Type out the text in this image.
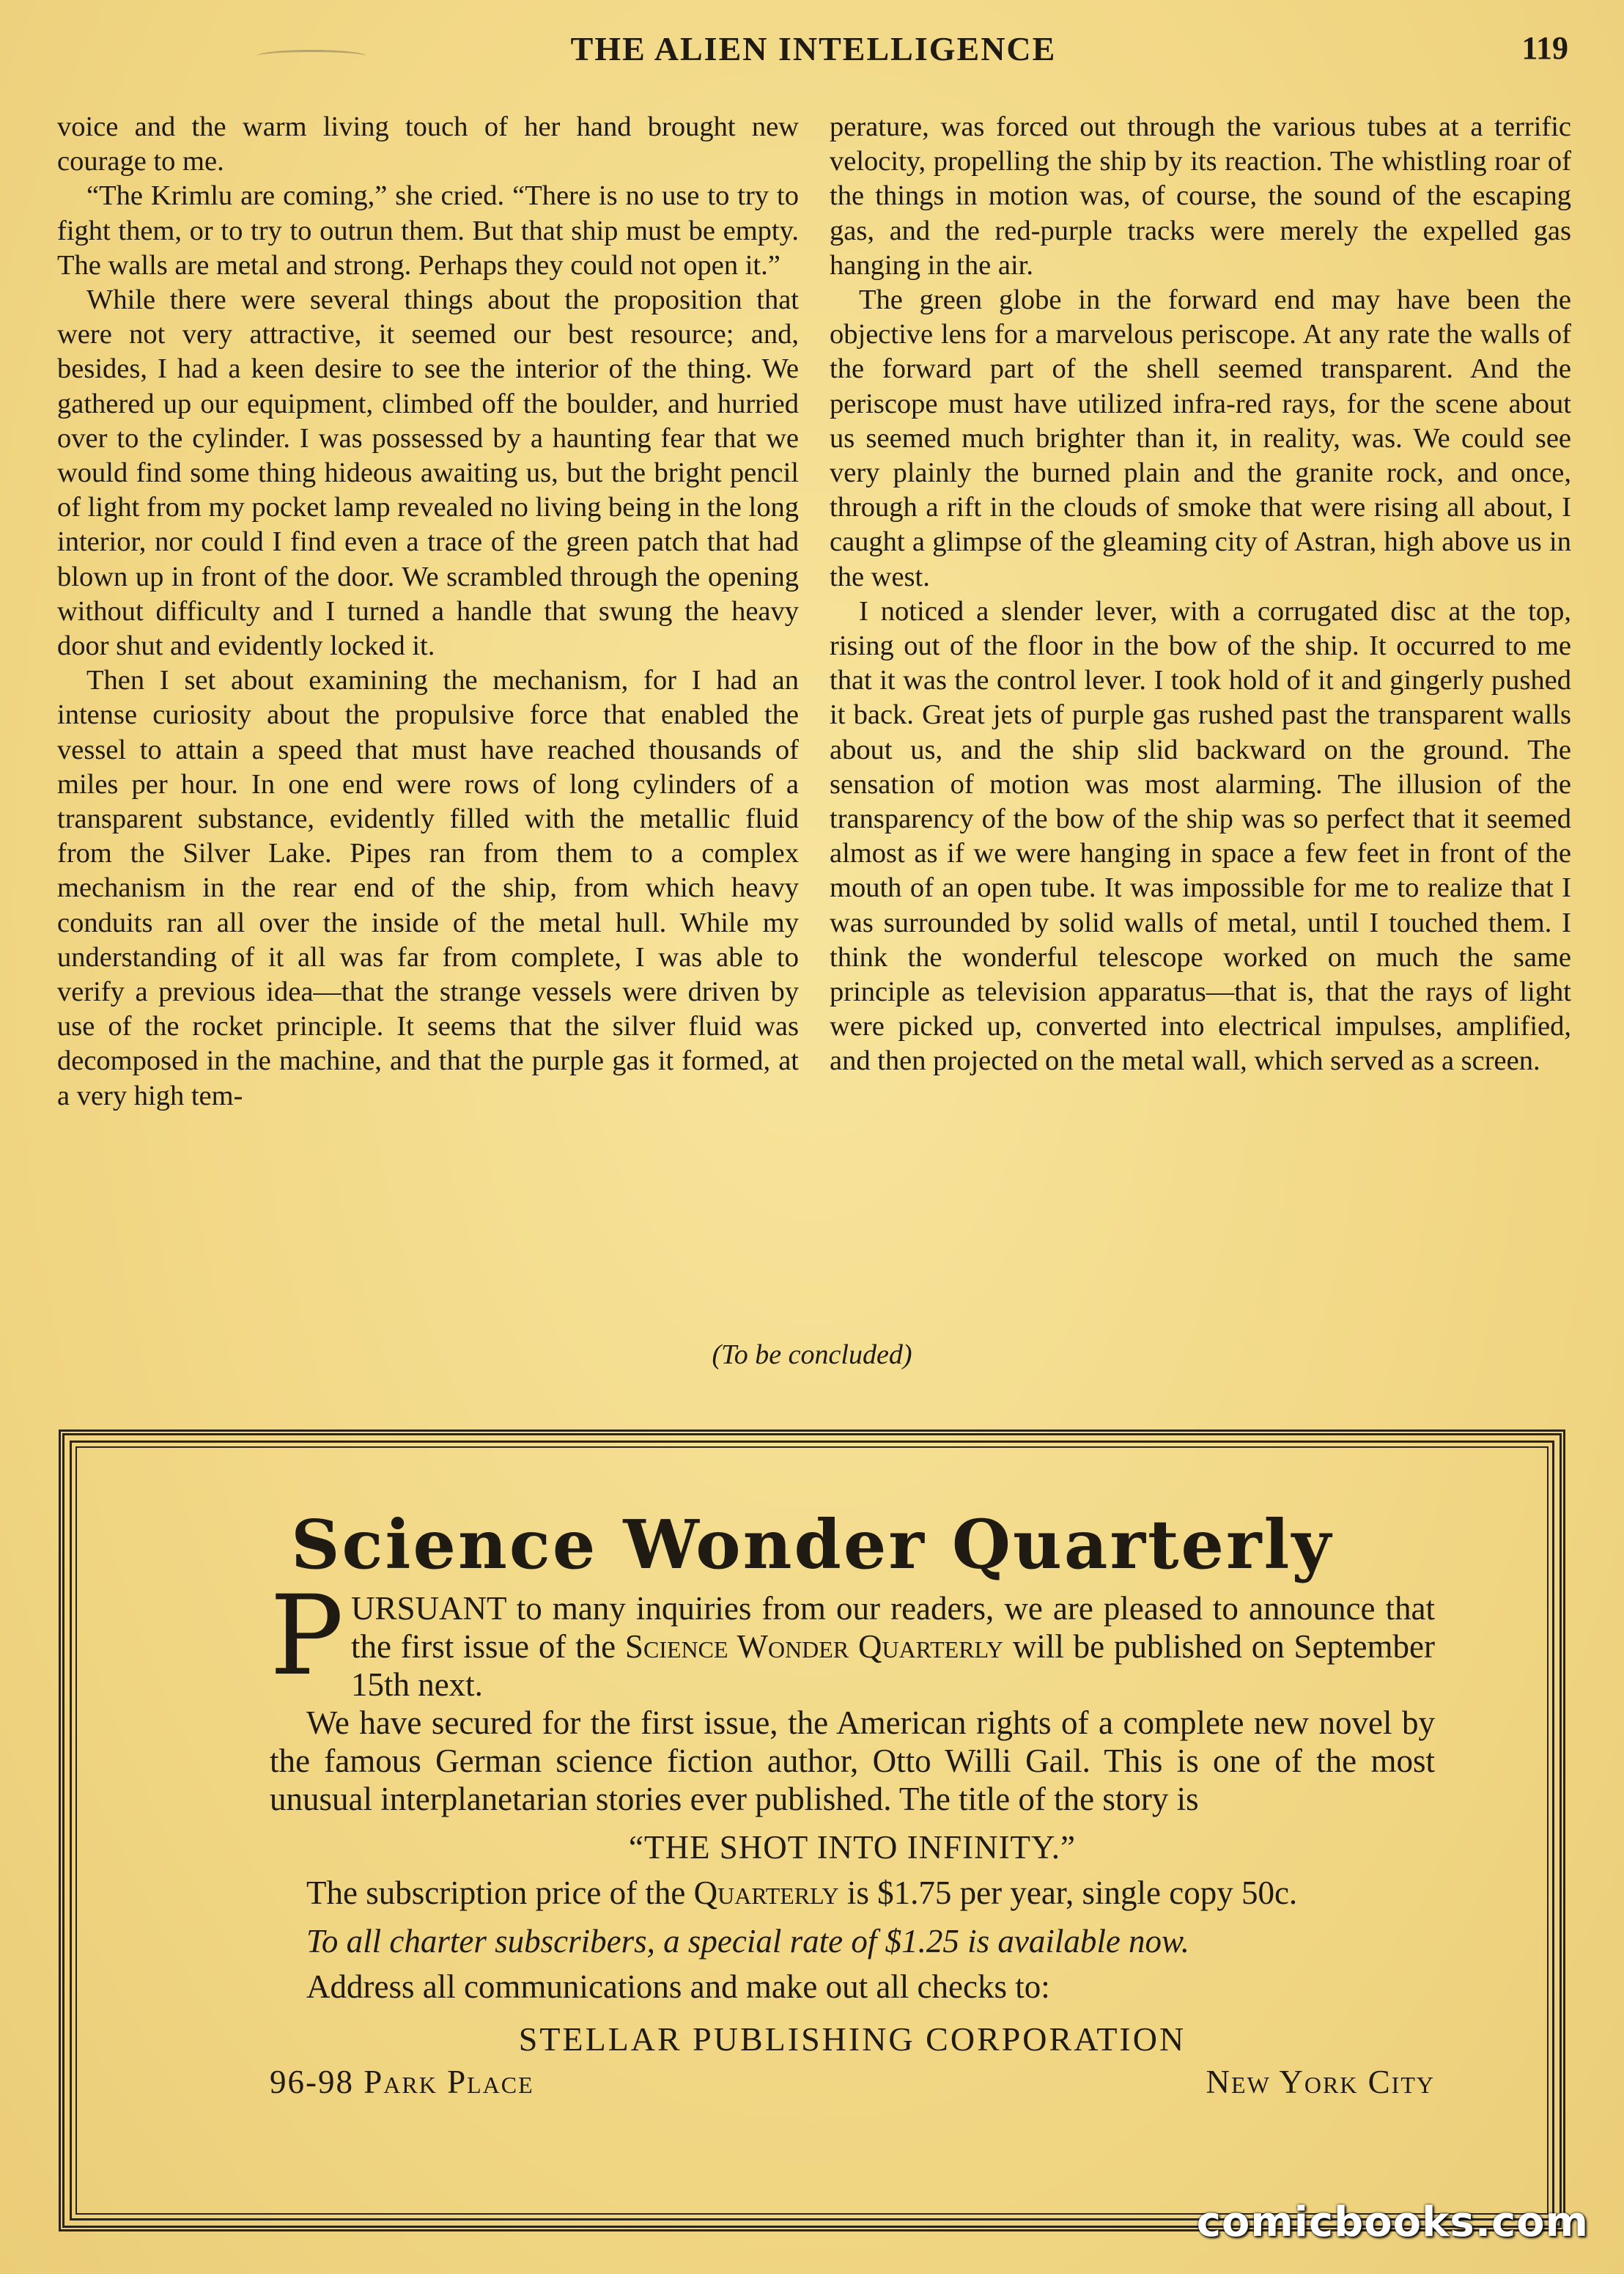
THE ALIEN INTELLIGENCE	119

voice and the warm living touch of her hand brought new courage to me.

“The Krimlu are coming,” she cried. “There is no use to try to fight them, or to try to outrun them. But that ship must be empty. The walls are metal and strong. Perhaps they could not open it.”

While there were several things about the proposition that were not very attractive, it seemed our best resource; and, besides, I had a keen desire to see the interior of the thing. We gathered up our equipment, climbed off the boulder, and hurried over to the cylinder. I was possessed by a haunting fear that we would find some thing hideous awaiting us, but the bright pencil of light from my pocket lamp revealed no living being in the long interior, nor could I find even a trace of the green patch that had blown up in front of the door. We scrambled through the opening without difficulty and I turned a handle that swung the heavy door shut and evidently locked it.

Then I set about examining the mechanism, for I had an intense curiosity about the propulsive force that enabled the vessel to attain a speed that must have reached thousands of miles per hour. In one end were rows of long cylinders of a transparent substance, evidently filled with the metallic fluid from the Silver Lake. Pipes ran from them to a complex mechanism in the rear end of the ship, from which heavy conduits ran all over the inside of the metal hull. While my understanding of it all was far from complete, I was able to verify a previous idea—that the strange vessels were driven by use of the rocket principle. It seems that the silver fluid was decomposed in the machine, and that the purple gas it formed, at a very high tem-

perature, was forced out through the various tubes at a terrific velocity, propelling the ship by its reaction. The whistling roar of the things in motion was, of course, the sound of the escaping gas, and the red-purple tracks were merely the expelled gas hanging in the air.

The green globe in the forward end may have been the objective lens for a marvelous periscope. At any rate the walls of the forward part of the shell seemed transparent. And the periscope must have utilized infra-red rays, for the scene about us seemed much brighter than it, in reality, was. We could see very plainly the burned plain and the granite rock, and once, through a rift in the clouds of smoke that were rising all about, I caught a glimpse of the gleaming city of Astran, high above us in the west.

I noticed a slender lever, with a corrugated disc at the top, rising out of the floor in the bow of the ship. It occurred to me that it was the control lever. I took hold of it and gingerly pushed it back. Great jets of purple gas rushed past the transparent walls about us, and the ship slid backward on the ground. The sensation of motion was most alarming. The illusion of the transparency of the bow of the ship was so perfect that it seemed almost as if we were hanging in space a few feet in front of the mouth of an open tube. It was impossible for me to realize that I was surrounded by solid walls of metal, until I touched them. I think the wonderful telescope worked on much the same principle as television apparatus—that is, that the rays of light were picked up, converted into electrical impulses, amplified, and then projected on the metal wall, which served as a screen.

(To be concluded)
Science Wonder Quarterly

PURSUANT to many inquiries from our readers, we are pleased to announce that the first issue of the Science Wonder Quarterly will be published on September 15th next.

We have secured for the first issue, the American rights of a complete new novel by the famous German science fiction author, Otto Willi Gail. This is one of the most unusual interplanetarian stories ever published. The title of the story is

“THE SHOT INTO INFINITY.”

The subscription price of the Quarterly is $1.75 per year, single copy 50c.

To all charter subscribers, a special rate of $1.25 is available now.

Address all communications and make out all checks to:

STELLAR PUBLISHING CORPORATION

96-98 Park Place	New York City
comicbooks.com
